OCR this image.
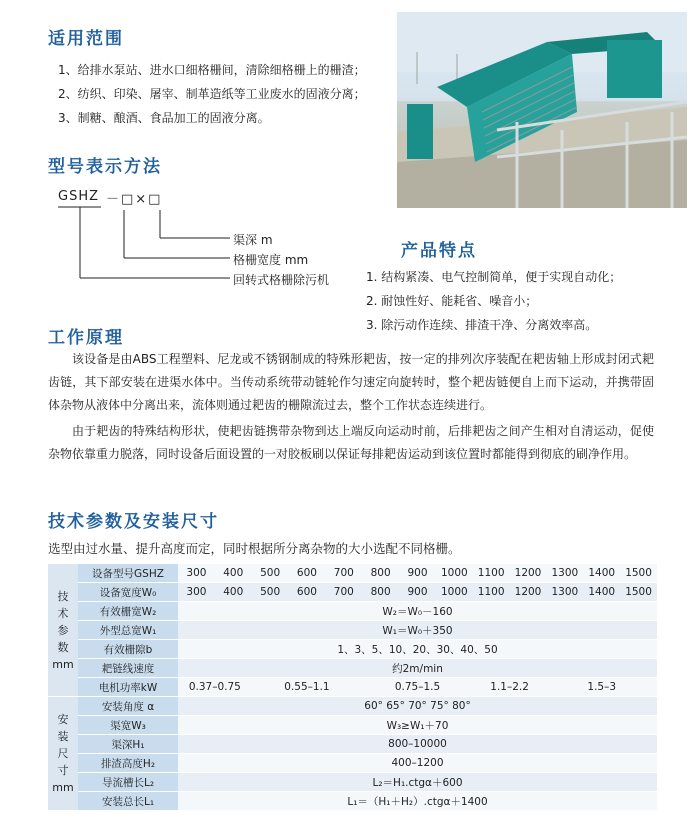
适用范围
1、给排水泵站、进水口细格栅间，清除细格栅上的栅渣；
2、纺织、印染、屠宰、制革造纸等工业废水的固液分离；
3、制糖、酿酒、食品加工的固液分离。
型号表示方法
GSHZ －□×□
渠深 m
格栅宽度 mm
回转式格栅除污机
产品特点
1. 结构紧凑、电气控制简单，便于实现自动化；
2. 耐蚀性好、能耗省、噪音小；
3. 除污动作连续、排渣干净、分离效率高。
工作原理

该设备是由ABS工程塑料、尼龙或不锈钢制成的特殊形耙齿，按一定的排列次序装配在耙齿轴上形成封闭式耙齿链，其下部安装在进渠水体中。当传动系统带动链轮作匀速定向旋转时，整个耙齿链便自上而下运动，并携带固体杂物从液体中分离出来，流体则通过耙齿的栅隙流过去，整个工作状态连续进行。

由于耙齿的特殊结构形状，使耙齿链携带杂物到达上端反向运动时前，后排耙齿之间产生相对自清运动，促使杂物依靠重力脱落，同时设备后面设置的一对胶板刷以保证每排耙齿运动到该位置时都能得到彻底的刷净作用。

技术参数及安装尺寸
选型由过水量、提升高度而定，同时根据所分离杂物的大小选配不同格栅。
技
术
参
数
mm	设备型号GSHZ	300	400	500	600	700	800	900	1000	1100	1200	1300	1400	1500
	设备宽度W₀	300	400	500	600	700	800	900	1000	1100	1200	1300	1400	1500
	有效栅宽W₂	W₂＝W₀－160												
	外型总宽W₁	W₁＝W₀＋350												
	有效栅隙b	1、3、5、10、20、30、40、50												
	耙链线速度	约2m/min												
	电机功率kW	0.37–0.75		0.55–1.1			0.75–1.5			1.1–2.2		1.5–3		
安
装
尺
寸
mm	安装角度 α	60° 65° 70° 75° 80°												
	渠宽W₃	W₃≥W₁＋70												
	渠深H₁	800–10000												
	排渣高度H₂	400–1200												
	导流槽长L₂	L₂＝H₁.ctgα＋600												
	安装总长L₁	L₁＝（H₁＋H₂）.ctgα＋1400												
